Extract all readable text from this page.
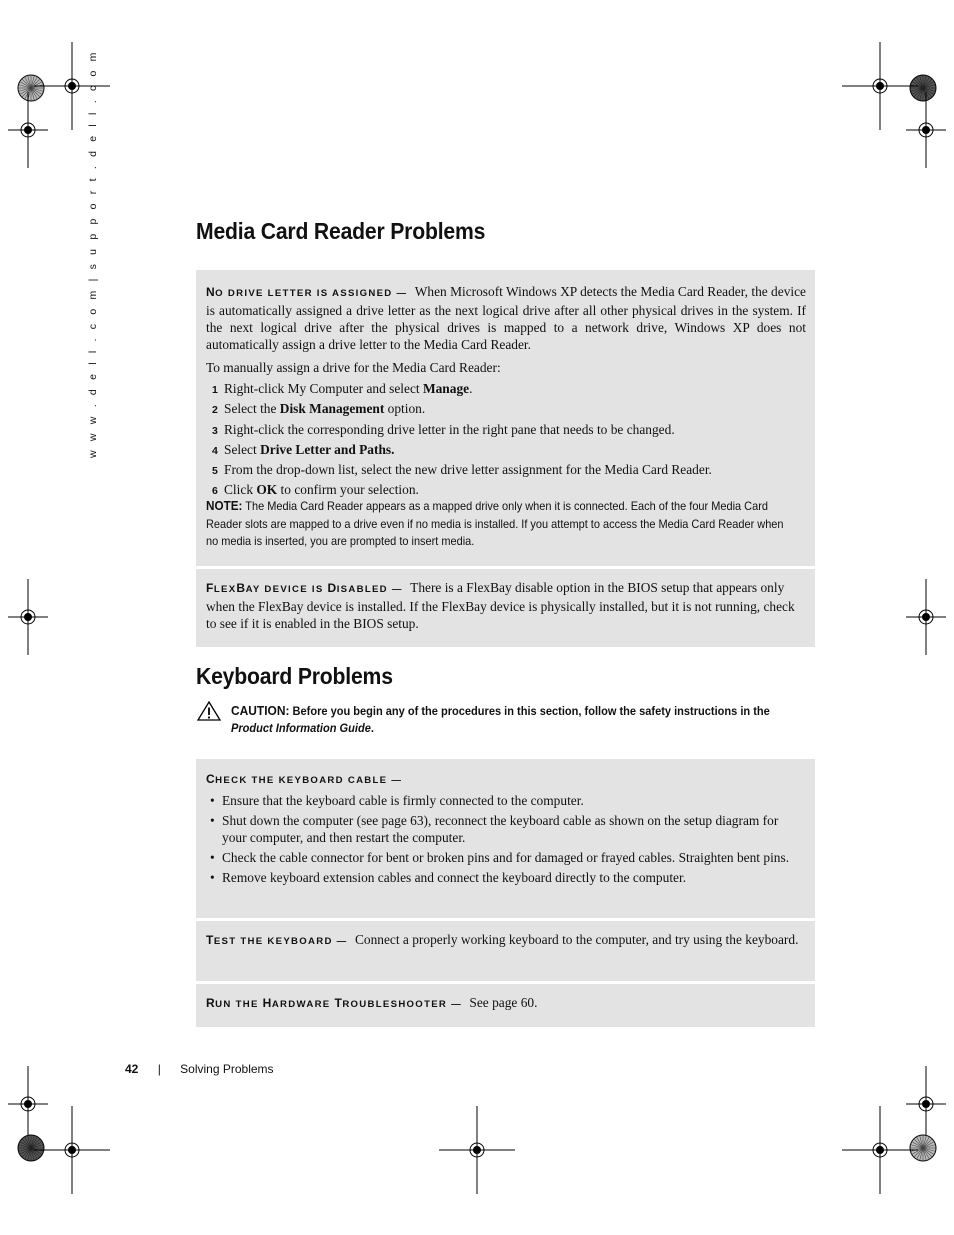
w w w . d e l l . c o m | s u p p o r t . d e l l . c o m	Media Card Reader Problems
NO DRIVE LETTER IS ASSIGNED — When Microsoft Windows XP detects the Media Card Reader, the device is automatically assigned a drive letter as the next logical drive after all other physical drives in the system. If the next logical drive after the physical drives is mapped to a network drive, Windows XP does not automatically assign a drive letter to the Media Card Reader.
To manually assign a drive for the Media Card Reader:
1 Right-click My Computer and select Manage.
2 Select the Disk Management option.
3 Right-click the corresponding drive letter in the right pane that needs to be changed.
4 Select Drive Letter and Paths.
5 From the drop-down list, select the new drive letter assignment for the Media Card Reader.
6 Click OK to confirm your selection.
NOTE: The Media Card Reader appears as a mapped drive only when it is connected. Each of the four Media Card Reader slots are mapped to a drive even if no media is installed. If you attempt to access the Media Card Reader when no media is inserted, you are prompted to insert media.
FLEXBAY DEVICE IS DISABLED — There is a FlexBay disable option in the BIOS setup that appears only when the FlexBay device is installed. If the FlexBay device is physically installed, but it is not running, check to see if it is enabled in the BIOS setup.
Keyboard Problems
CAUTION: Before you begin any of the procedures in this section, follow the safety instructions in the Product Information Guide.
CHECK THE KEYBOARD CABLE —
• Ensure that the keyboard cable is firmly connected to the computer.
• Shut down the computer (see page 63), reconnect the keyboard cable as shown on the setup diagram for your computer, and then restart the computer.
• Check the cable connector for bent or broken pins and for damaged or frayed cables. Straighten bent pins.
• Remove keyboard extension cables and connect the keyboard directly to the computer.
TEST THE KEYBOARD — Connect a properly working keyboard to the computer, and try using the keyboard.
RUN THE HARDWARE TROUBLESHOOTER — See page 60.
42 | Solving Problems
